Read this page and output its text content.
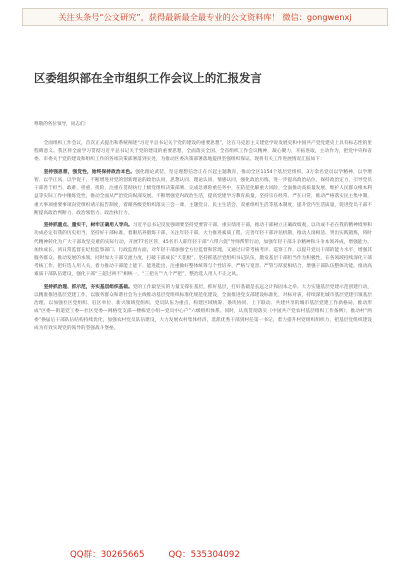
关注头条号“公文研究”，获得最新最全最专业的公文资料库！ 微信：gongwenxj
区委组织部在全市组织工作会议上的汇报发言
尊敬的各位领导，同志们：

全面组织工作会议，首次正式提出和系统阐述“习近平总书记关于党的建设的重要思想”，这在马克思主义建党学说发展史和中国共产党党建史上具有标志性的里程碑意义。我区将全面学习贯彻习近平总书记关于党的建设的重要思想，全面落实全国、全省组织工作会议精神，凝心聚力，开拓进取，主动作为，把党中央和省委、市委关于党的建设和组织工作的各项决策部署落到实处，为推动区委决策部署落地提供坚强组织保证。现将有关工作进展情况汇报如下：

坚持强思想，强党性，始终保持政治本色。强化理论武装，坚定理想信念正在兴起主题教育，推动全区1154个基层党组织、3万余名党员以学精神、以学增智、以学正风、以学促干，不断增进对党的创新理论的政治认同、思想认同、理论认同、情感认同，强化政治历练，进一步提高政治站位，保持政治定力，引导党员干部善于担当、敢难、担重、担险，注重在贯彻执行上级党组织决策部署、完成急难险重任务中，在防范化解重大风险、全面推动高质量发展、维护人民群众根本利益等实际工作中锤炼党性，推动全面从严治党向纵深发展。不断增强党内政治生活，提高党建学习教育质量，坚持宗在经常、严在日常，推动严格落实民主集中制，重大事项重要事项向党组织请示报告制度，着眼各级党组织落实三会一课、主题党日、民主生活会、双重组织生活等基本制度，提升党内生活质量，促进党员干部不断提高政治判断力、政治领悟力、政治执行力。

坚持抓重点、重实干，树牢正确用人导向。习近平总书记反复强调要坚持党要管干部，重实绩用干部，推动干部树立正确政绩观，以功成不必在我的精神境界和功成必定有我的历史担当，坚持好干部标准，着眼培养锻炼干部，关注年轻干部，大力推进素质工程，完善年轻干部评估机制，推动人岗相适、突出实践锻炼，将时代精神转化为广大干部攻坚克难的实际行动，开展77名区管、45名市人职年轻干部“六带六促”导师帮带行动，加强年轻干部斗争精神和斗争本领养成，增强能力、加快成长，到日常监督在纪检监察部门、行政监督方面，对年轻干部加强全方位监督和管理，又通过日常考核考评、巡察工作，以提升党员干部的能力水平，增强其服务群众、推动发展的本领，同时加大干部交流力度，打破干部成长“天花板”。坚持抓基层党组织书记队伍，激发基层干部担当作为积极性，在各领域持续深化干部考核工作，把好选人用人关，着力推动干部能上能下、能进能出，注重做好整体统筹与个性培养、严格与宽容、严管与厚爱相结合，增强干部队伍整体功能。推动高素质干部队伍建设，强化干部“三超过两不”相统一、“三把关”“九个严把”，整治选人用人不正之风。

坚持抓治理、抓示范，夯实基层组织基础。党的工作最坚实的力量支撑在基层，抓好基层，打好基础是长远之计和固本之举。大力实施基层党建示范创建行动，以精准推进基层党建工作，以服务群众和谐社会为主线推动基层党组织标准化规范化建设，全面推进党支部建设标准化，对标对表，持续深化城市基层党建引领基层治理，以加强社区党组织、驻区单位、新兴领域党组织、党员队伍为重点，构建区域统筹、条块协同、上下联动、共建共享的城市基层党建工作新格局，推动形成“区委—街道党工委—社区党委—网格党支部—楼栋党小组—党员中心户”六级组织体系。同时，认真贯彻落实《中国共产党农村基层组织工作条例》，推动村“两委”换届后干部队伍结构持续优化，加强农村党员队伍建设，大力发展农村集体经济，选派优秀干部到村任第一书记，着力提升村党组织组织力，把基层党组织建设成为有效实现党的领导的坚强战斗堡垒。

QQ群：30265665	QQ：535304092
